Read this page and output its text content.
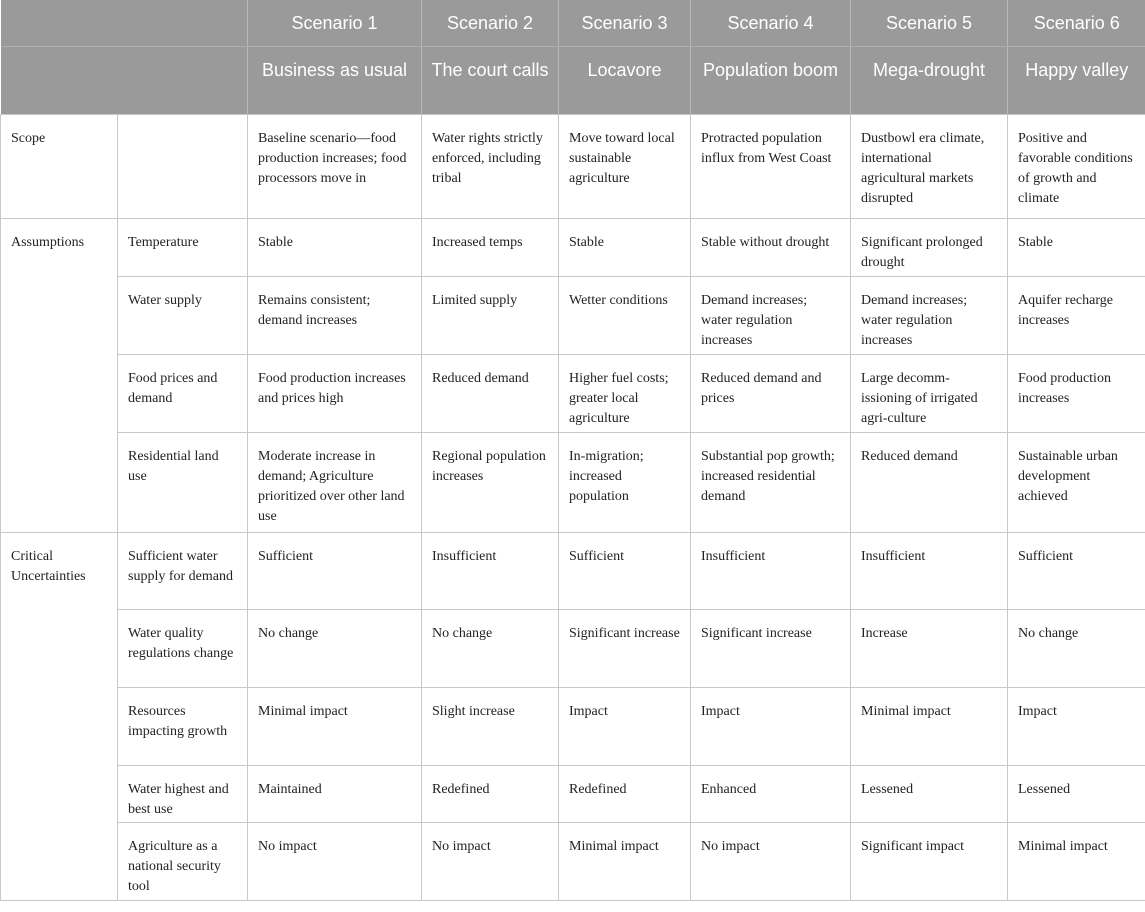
		Scenario 1	Scenario 2	Scenario 3	Scenario 4	Scenario 5	Scenario 6
		Business as usual	The court calls	Locavore	Population boom	Mega-drought	Happy valley
Scope		Baseline scenario—food production increases; food processors move in	Water rights strictly enforced, including tribal	Move toward local sustainable agriculture	Protracted population influx from West Coast	Dustbowl era climate, international agricultural markets disrupted	Positive and favorable conditions of growth and climate
Assumptions	Temperature	Stable	Increased temps	Stable	Stable without drought	Significant prolonged drought	Stable
	Water supply	Remains consistent; demand increases	Limited supply	Wetter conditions	Demand increases; water regulation increases	Demand increases; water regulation increases	Aquifer recharge increases
	Food prices and demand	Food production increases and prices high	Reduced demand	Higher fuel costs; greater local agriculture	Reduced demand and prices	Large decomm-issioning of irrigated agri-culture	Food production increases
	Residential land use	Moderate increase in demand; Agriculture prioritized over other land use	Regional population increases	In-migration; increased population	Substantial pop growth; increased residential demand	Reduced demand	Sustainable urban development achieved
Critical Uncertainties	Sufficient water supply for demand	Sufficient	Insufficient	Sufficient	Insufficient	Insufficient	Sufficient
	Water quality regulations change	No change	No change	Significant increase	Significant increase	Increase	No change
	Resources impacting growth	Minimal impact	Slight increase	Impact	Impact	Minimal impact	Impact
	Water highest and best use	Maintained	Redefined	Redefined	Enhanced	Lessened	Lessened
	Agriculture as a national security tool	No impact	No impact	Minimal impact	No impact	Significant impact	Minimal impact
